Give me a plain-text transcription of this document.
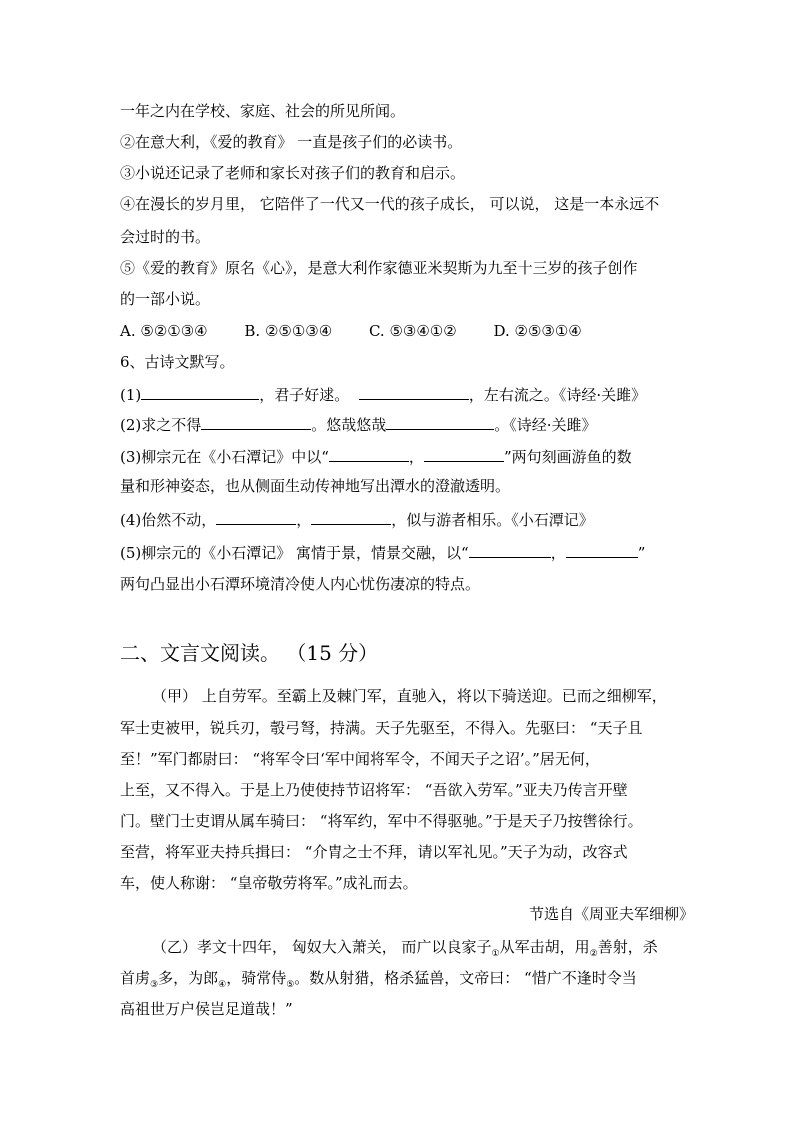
一年之内在学校、家庭、社会的所见所闻。
②在意大利，《爱的教育》 一直是孩子们的必读书。
③小说还记录了老师和家长对孩子们的教育和启示。
④在漫长的岁月里， 它陪伴了一代又一代的孩子成长， 可以说， 这是一本永远不
会过时的书。
⑤《爱的教育》原名《心》，是意大利作家德亚米契斯为九至十三岁的孩子创作
的一部小说。
A. ⑤②①③④ B. ②⑤①③④ C. ⑤③④①② D. ②⑤③①④
6、古诗文默写。
(1)	，君子好逑。	，左右流之。《诗经·关雎》
(2)求之不得	。悠哉悠哉	。《诗经·关雎》
(3)柳宗元在《小石潭记》中以“	，	”两句刻画游鱼的数
量和形神姿态，也从侧面生动传神地写出潭水的澄澈透明。
(4)佁然不动，	，	，似与游者相乐。《小石潭记》
(5)柳宗元的《小石潭记》 寓情于景，情景交融，以“	，	”
两句凸显出小石潭环境清冷使人内心忧伤凄凉的特点。
二、文言文阅读。 （15 分）
（甲） 上自劳军。至霸上及棘门军，直驰入，将以下骑送迎。已而之细柳军，
军士吏被甲，锐兵刃，彀弓弩，持满。天子先驱至，不得入。先驱曰： “天子且
至！”军门都尉曰： “将军令曰‘军中闻将军令，不闻天子之诏’。”居无何，
上至，又不得入。于是上乃使使持节诏将军： “吾欲入劳军。”亚夫乃传言开壁
门。壁门士吏谓从属车骑曰： “将军约，军中不得驱驰。”于是天子乃按辔徐行。
至营，将军亚夫持兵揖曰： “介胄之士不拜，请以军礼见。”天子为动，改容式
车，使人称谢： “皇帝敬劳将军。”成礼而去。
节选自《周亚夫军细柳》
（乙）孝文十四年， 匈奴大入萧关， 而广以良家子$_①$从军击胡，用$_②$善射，杀
首虏$_③$多，为郎$_④$，骑常侍$_⑤$。数从射猎，格杀猛兽，文帝曰： “惜广不逢时令当
高祖世万户侯岂足道哉！”
